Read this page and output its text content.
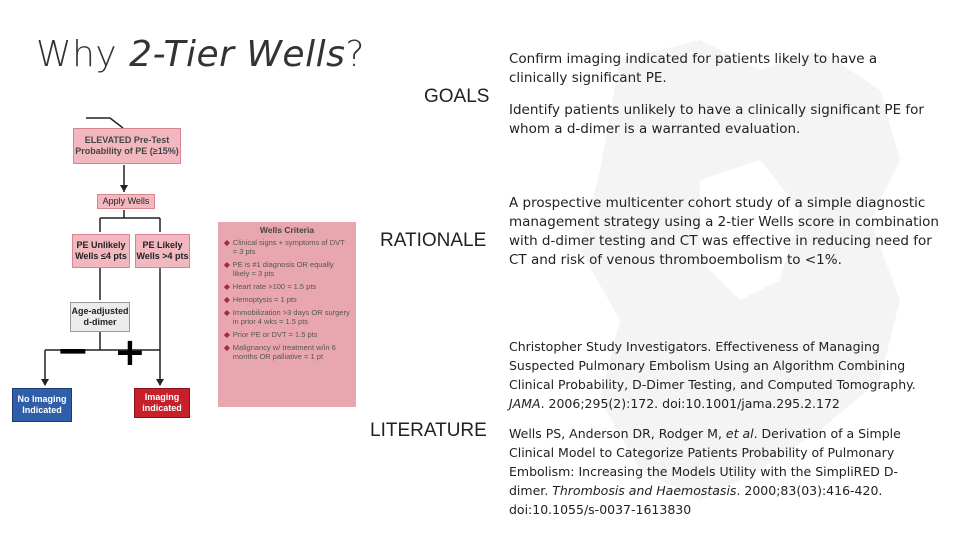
Why 2-Tier Wells?
GOALS
RATIONALE
LITERATURE
Confirm imaging indicated for patients likely to have a clinically significant PE.
Identify patients unlikely to have a clinically significant PE for whom a d-dimer is a warranted evaluation.
A prospective multicenter cohort study of a simple diagnostic management strategy using a 2-tier Wells score in combination with d-dimer testing and CT was effective in reducing need for CT and risk of venous thromboembolism to <1%.
Christopher Study Investigators. Effectiveness of Managing Suspected Pulmonary Embolism Using an Algorithm Combining Clinical Probability, D-Dimer Testing, and Computed Tomography. JAMA. 2006;295(2):172. doi:10.1001/jama.295.2.172
Wells PS, Anderson DR, Rodger M, et al. Derivation of a Simple Clinical Model to Categorize Patients Probability of Pulmonary Embolism: Increasing the Models Utility with the SimpliRED D-dimer. Thrombosis and Haemostasis. 2000;83(03):416-420. doi:10.1055/s-0037-1613830
ELEVATED Pre-Test Probability of PE (≥15%)
Apply Wells
PE Unlikely Wells ≤4 pts
PE Likely Wells >4 pts
Age-adjusted d-dimer
− +
No Imaging Indicated
Imaging indicated
Wells Criteria
◆ Clinical signs + symptoms of DVT = 3 pts
◆ PE is #1 diagnosis OR equally likely = 3 pts
◆ Heart rate >100 = 1.5 pts
◆ Hemoptysis = 1 pts
◆ Immobilization >3 days OR surgery in prior 4 wks = 1.5 pts
◆ Prior PE or DVT = 1.5 pts
◆ Malignancy w/ treatment w/in 6 months OR palliative = 1 pt
